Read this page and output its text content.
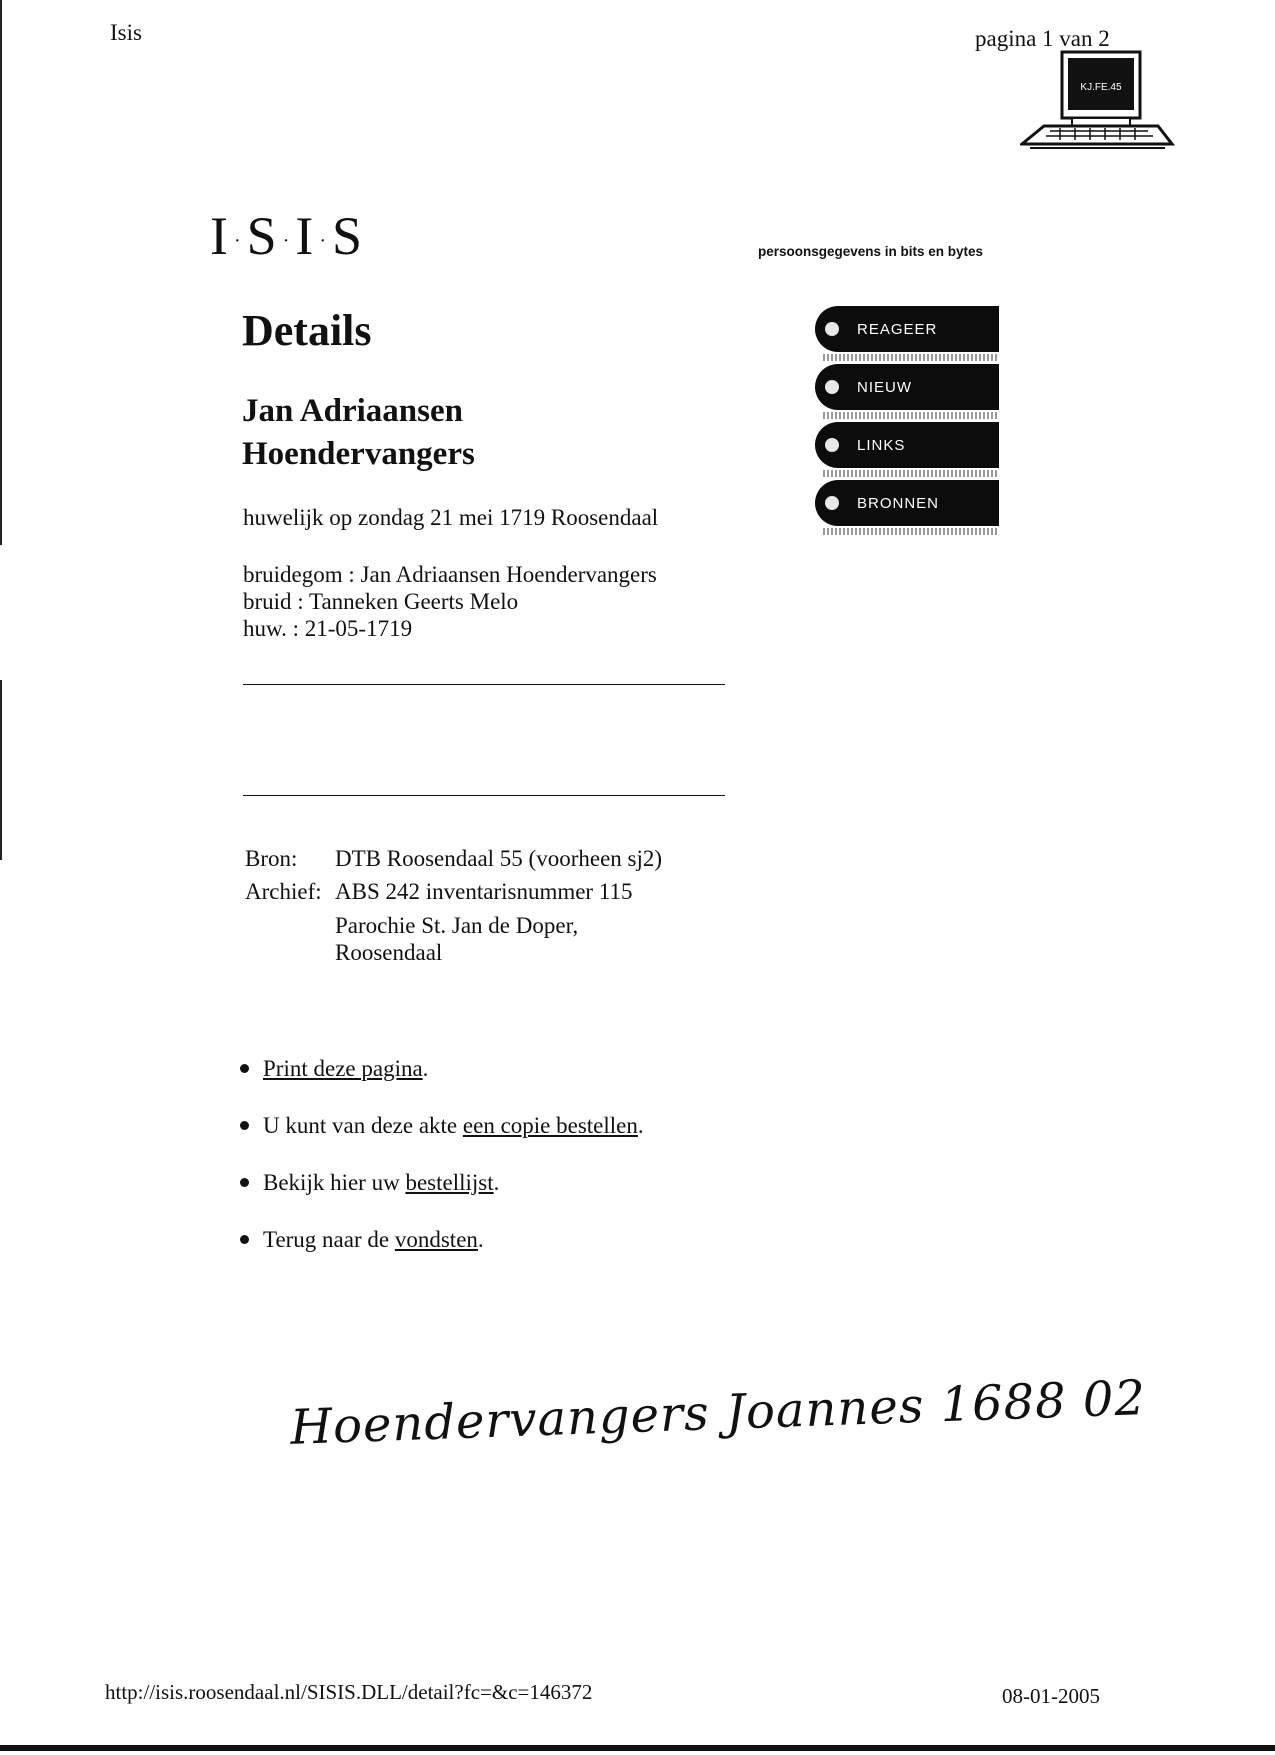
Isis	pagina 1 van 2
KJ.FE.45
I ·S ·I ·S	persoonsgegevens in bits en bytes
REAGEER
NIEUW
LINKS
BRONNEN
Details
Jan Adriaansen
Hoendervangers
huwelijk op zondag 21 mei 1719 Roosendaal
bruidegom : Jan Adriaansen Hoendervangers
bruid : Tanneken Geerts Melo
huw. : 21-05-1719
Bron:	DTB Roosendaal 55 (voorheen sj2)
Archief:	ABS 242 inventarisnummer 115
	Parochie St. Jan de Doper,
Roosendaal
Print deze pagina .
U kunt van deze akte een copie bestellen .
Bekijk hier uw bestellijst .
Terug naar de vondsten .
Hoendervangers Joannes 1688 02
http://isis.roosendaal.nl/SISIS.DLL/detail?fc=&c=146372	08-01-2005
